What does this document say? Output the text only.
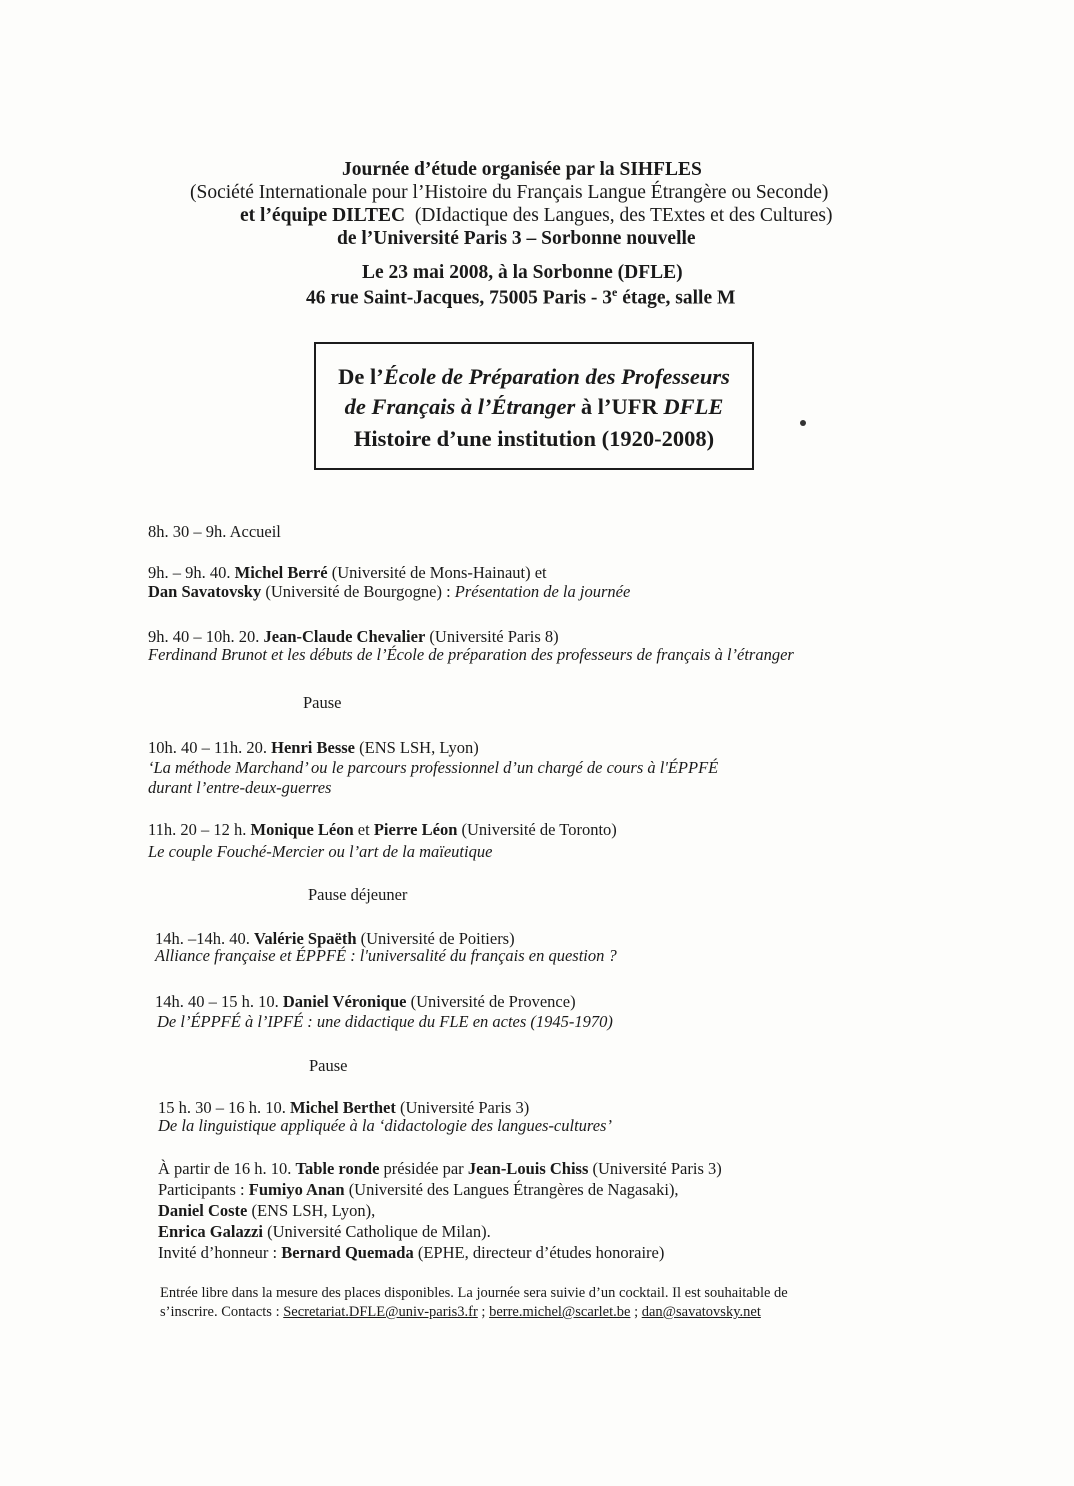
Journée d’étude organisée par la SIHFLES
(Société Internationale pour l’Histoire du Français Langue Étrangère ou Seconde)
et l’équipe DILTEC (DIdactique des Langues, des TExtes et des Cultures)
de l’Université Paris 3 – Sorbonne nouvelle
Le 23 mai 2008, à la Sorbonne (DFLE)
46 rue Saint-Jacques, 75005 Paris - 3e étage, salle M
De l’École de Préparation des Professeurs
de Français à l’Étranger à l’UFR DFLE
Histoire d’une institution (1920-2008)
8h. 30 – 9h. Accueil
9h. – 9h. 40. Michel Berré (Université de Mons-Hainaut) et
Dan Savatovsky (Université de Bourgogne) : Présentation de la journée
9h. 40 – 10h. 20. Jean-Claude Chevalier (Université Paris 8)
Ferdinand Brunot et les débuts de l’École de préparation des professeurs de français à l’étranger
Pause
10h. 40 – 11h. 20. Henri Besse (ENS LSH, Lyon)
‘La méthode Marchand’ ou le parcours professionnel d’un chargé de cours à l'ÉPPFÉ
durant l’entre-deux-guerres
11h. 20 – 12 h. Monique Léon et Pierre Léon (Université de Toronto)
Le couple Fouché-Mercier ou l’art de la maïeutique
Pause déjeuner
14h. –14h. 40. Valérie Spaëth (Université de Poitiers)
Alliance française et ÉPPFÉ : l'universalité du français en question ?
14h. 40 – 15 h. 10. Daniel Véronique (Université de Provence)
De l’ÉPPFÉ à l’IPFÉ : une didactique du FLE en actes (1945-1970)
Pause
15 h. 30 – 16 h. 10. Michel Berthet (Université Paris 3)
De la linguistique appliquée à la ‘didactologie des langues-cultures’
À partir de 16 h. 10. Table ronde présidée par Jean-Louis Chiss (Université Paris 3)
Participants : Fumiyo Anan (Université des Langues Étrangères de Nagasaki),
Daniel Coste (ENS LSH, Lyon),
Enrica Galazzi (Université Catholique de Milan).
Invité d’honneur : Bernard Quemada (EPHE, directeur d’études honoraire)
Entrée libre dans la mesure des places disponibles. La journée sera suivie d’un cocktail. Il est souhaitable de
s’inscrire. Contacts : Secretariat.DFLE@univ-paris3.fr ; berre.michel@scarlet.be ; dan@savatovsky.net
